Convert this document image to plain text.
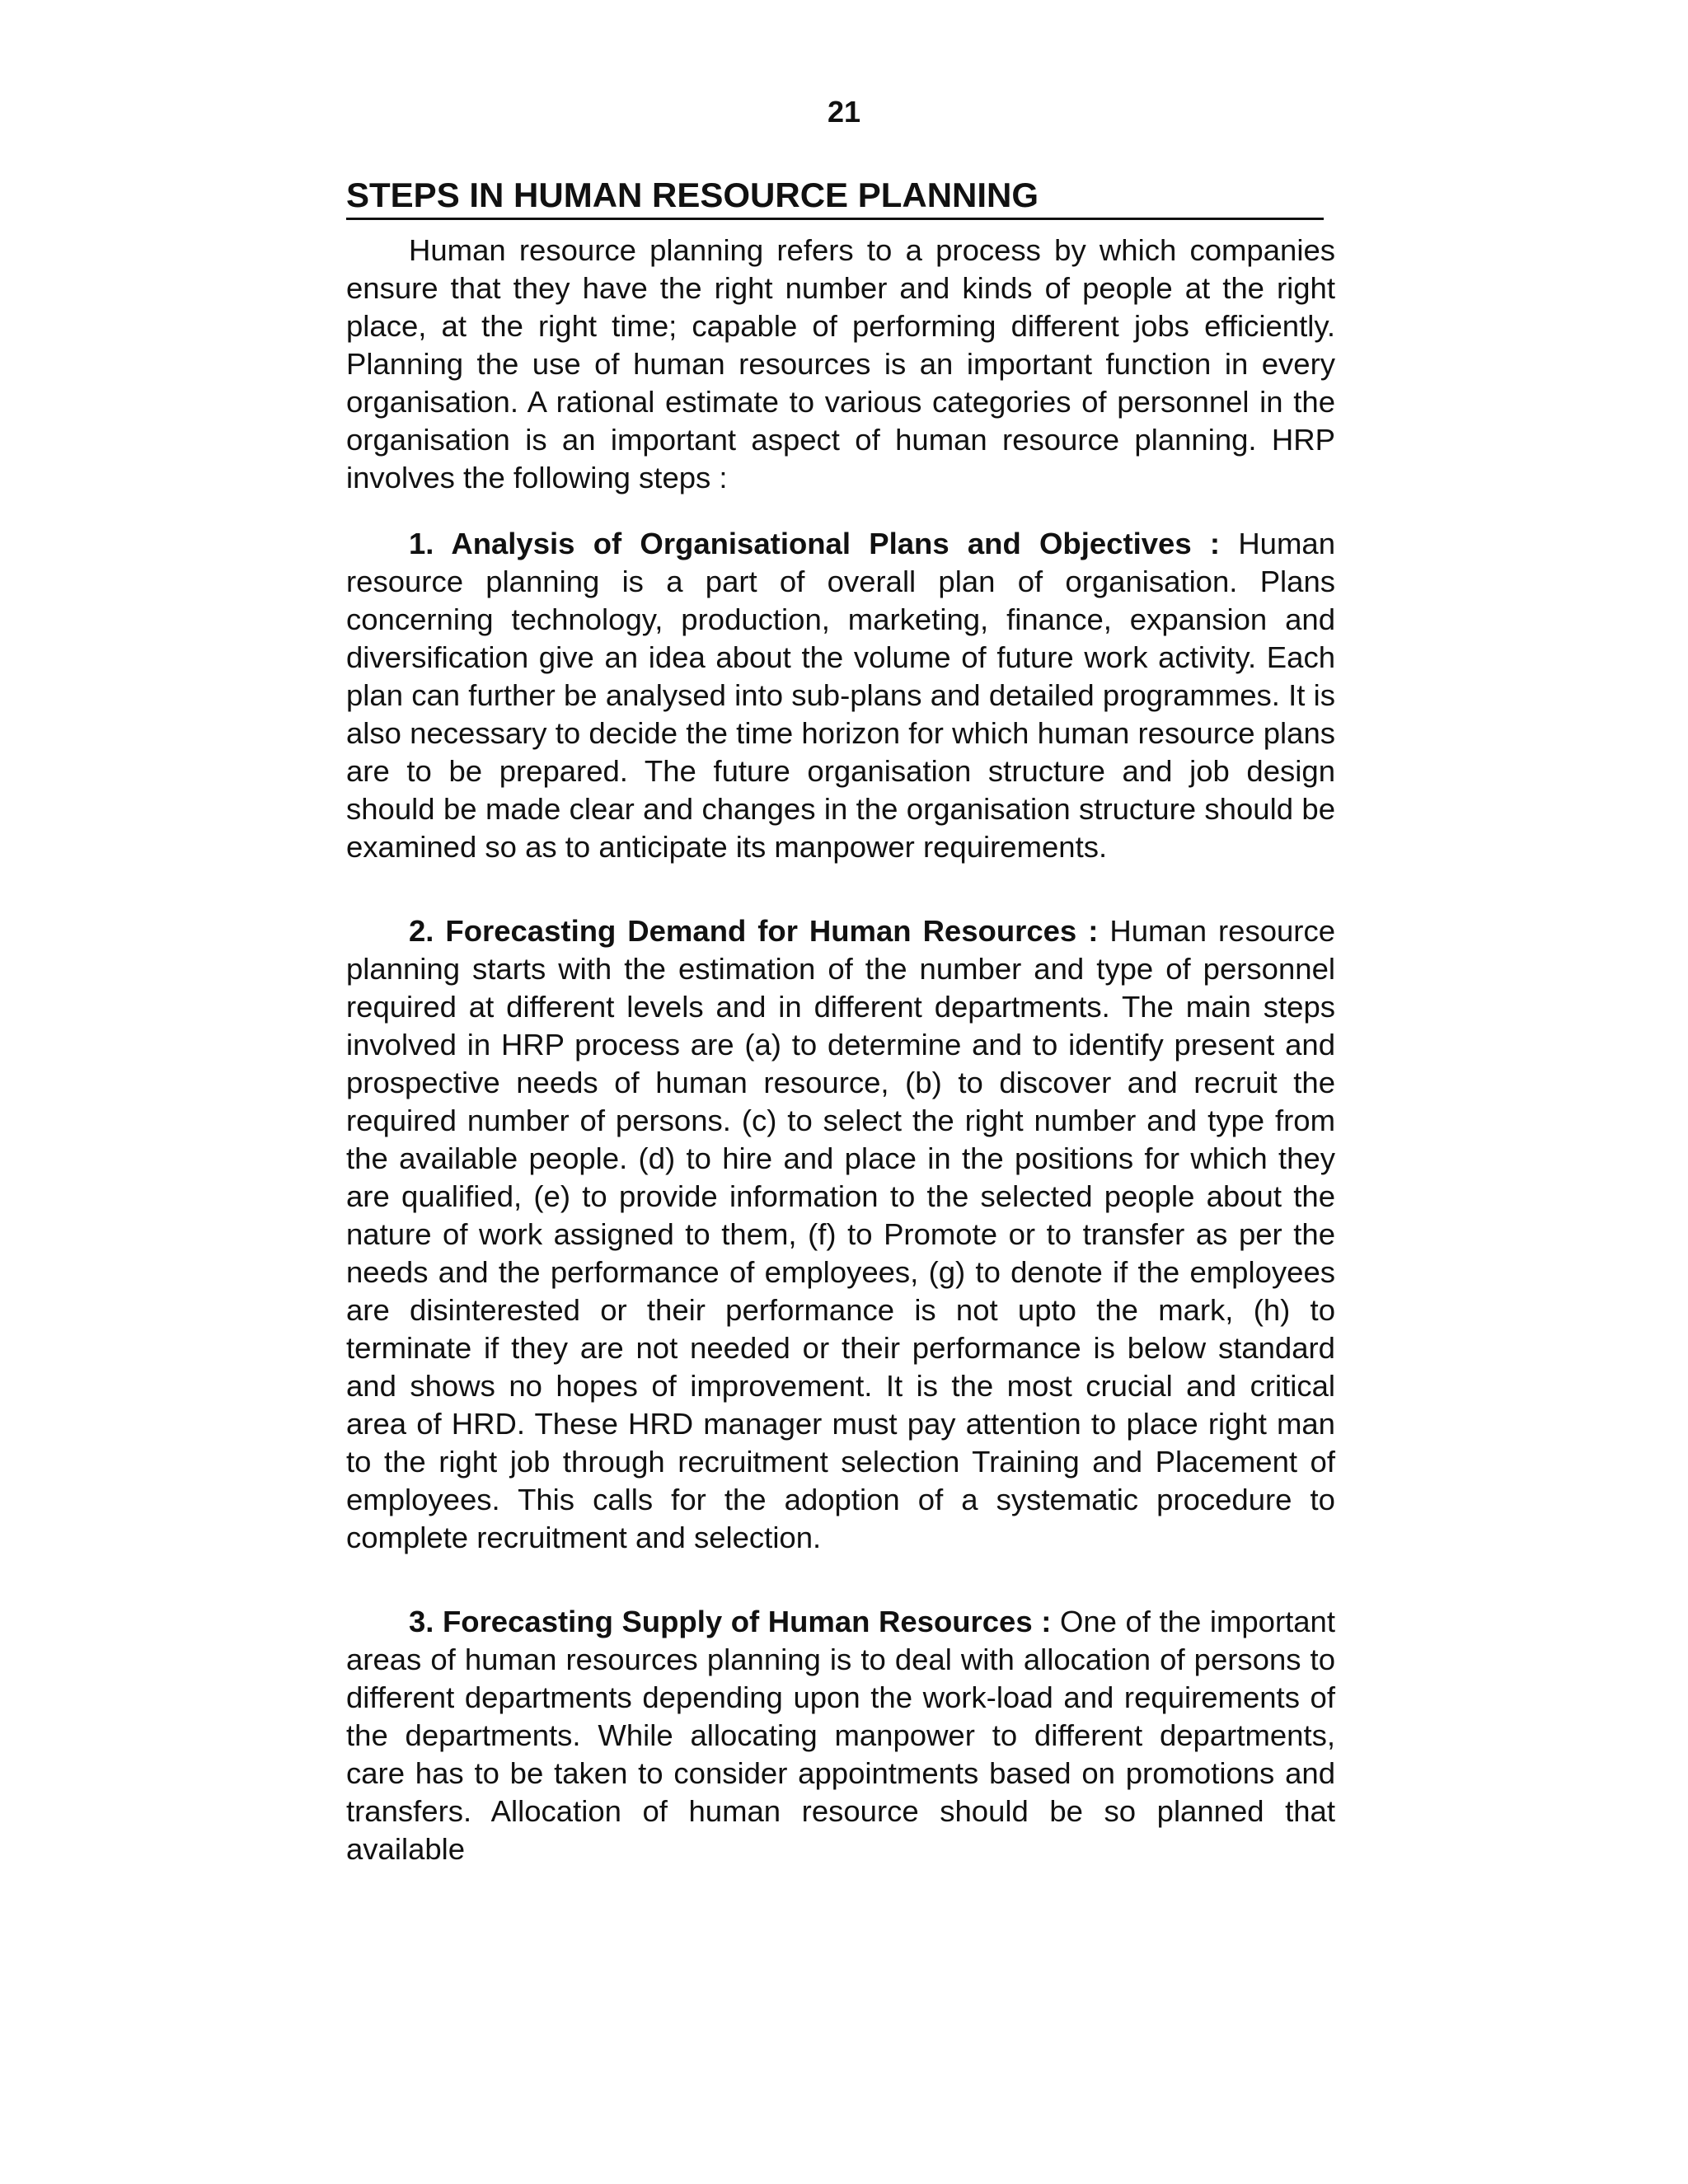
21
STEPS IN HUMAN RESOURCE PLANNING

Human resource planning refers to a process by which companies ensure that they have the right number and kinds of people at the right place, at the right time; capable of performing different jobs efficiently. Planning the use of human resources is an important function in every organisation. A rational estimate to various categories of personnel in the organisation is an important aspect of human resource planning. HRP involves the following steps :

1. Analysis of Organisational Plans and Objectives : Human resource planning is a part of overall plan of organisation. Plans concerning technology, production, marketing, finance, expansion and diversification give an idea about the volume of future work activity. Each plan can further be analysed into sub-plans and detailed programmes. It is also necessary to decide the time horizon for which human resource plans are to be prepared. The future organisation structure and job design should be made clear and changes in the organisation structure should be examined so as to anticipate its manpower requirements.

2. Forecasting Demand for Human Resources : Human resource planning starts with the estimation of the number and type of personnel required at different levels and in different departments. The main steps involved in HRP process are (a) to determine and to identify present and prospective needs of human resource, (b) to discover and recruit the required number of persons. (c) to select the right number and type from the available people. (d) to hire and place in the positions for which they are qualified, (e) to provide information to the selected people about the nature of work assigned to them, (f) to Promote or to transfer as per the needs and the performance of employees, (g) to denote if the employees are disinterested or their performance is not upto the mark, (h) to terminate if they are not needed or their performance is below standard and shows no hopes of improvement. It is the most crucial and critical area of HRD. These HRD manager must pay attention to place right man to the right job through recruitment selection Training and Placement of employees. This calls for the adoption of a systematic procedure to complete recruitment and selection.

3. Forecasting Supply of Human Resources : One of the important areas of human resources planning is to deal with allocation of persons to different departments depending upon the work-load and requirements of the departments. While allocating manpower to different departments, care has to be taken to consider appointments based on promotions and transfers. Allocation of human resource should be so planned that available
